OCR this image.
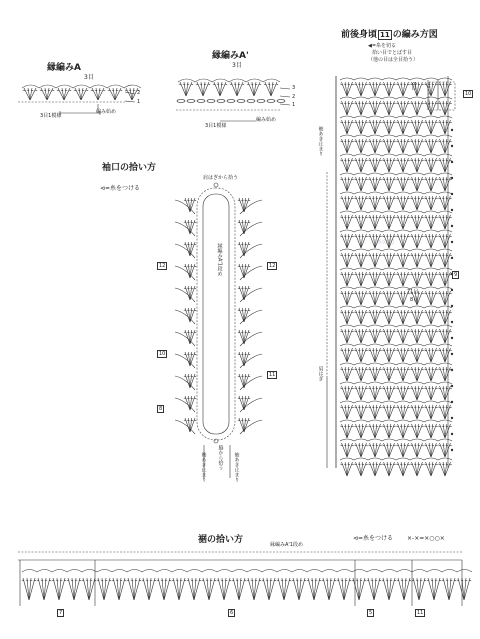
縁編みA
3目
3目1模様
編み始め
2
1
縁編みA'
3目
3目1模様
編み始め
3
2
1
袖口の拾い方
⊲=糸をつける
肩はぎから拾う
縁編みA'1段め
袖あき止まり	袖あき止まり
脇から拾う
12
10
8
12
11
前後身頃 11 の編み方図
◀=糸を切る
拾い目でとばす目
（他の目は全目拾う）
8目
10
9
71目
8目
袖あき止まり
肩はぎ
裾の拾い方	縁編みA'1段め
⊲=糸をつける ×-×=×○○×
7	6	5	11
糸の切
